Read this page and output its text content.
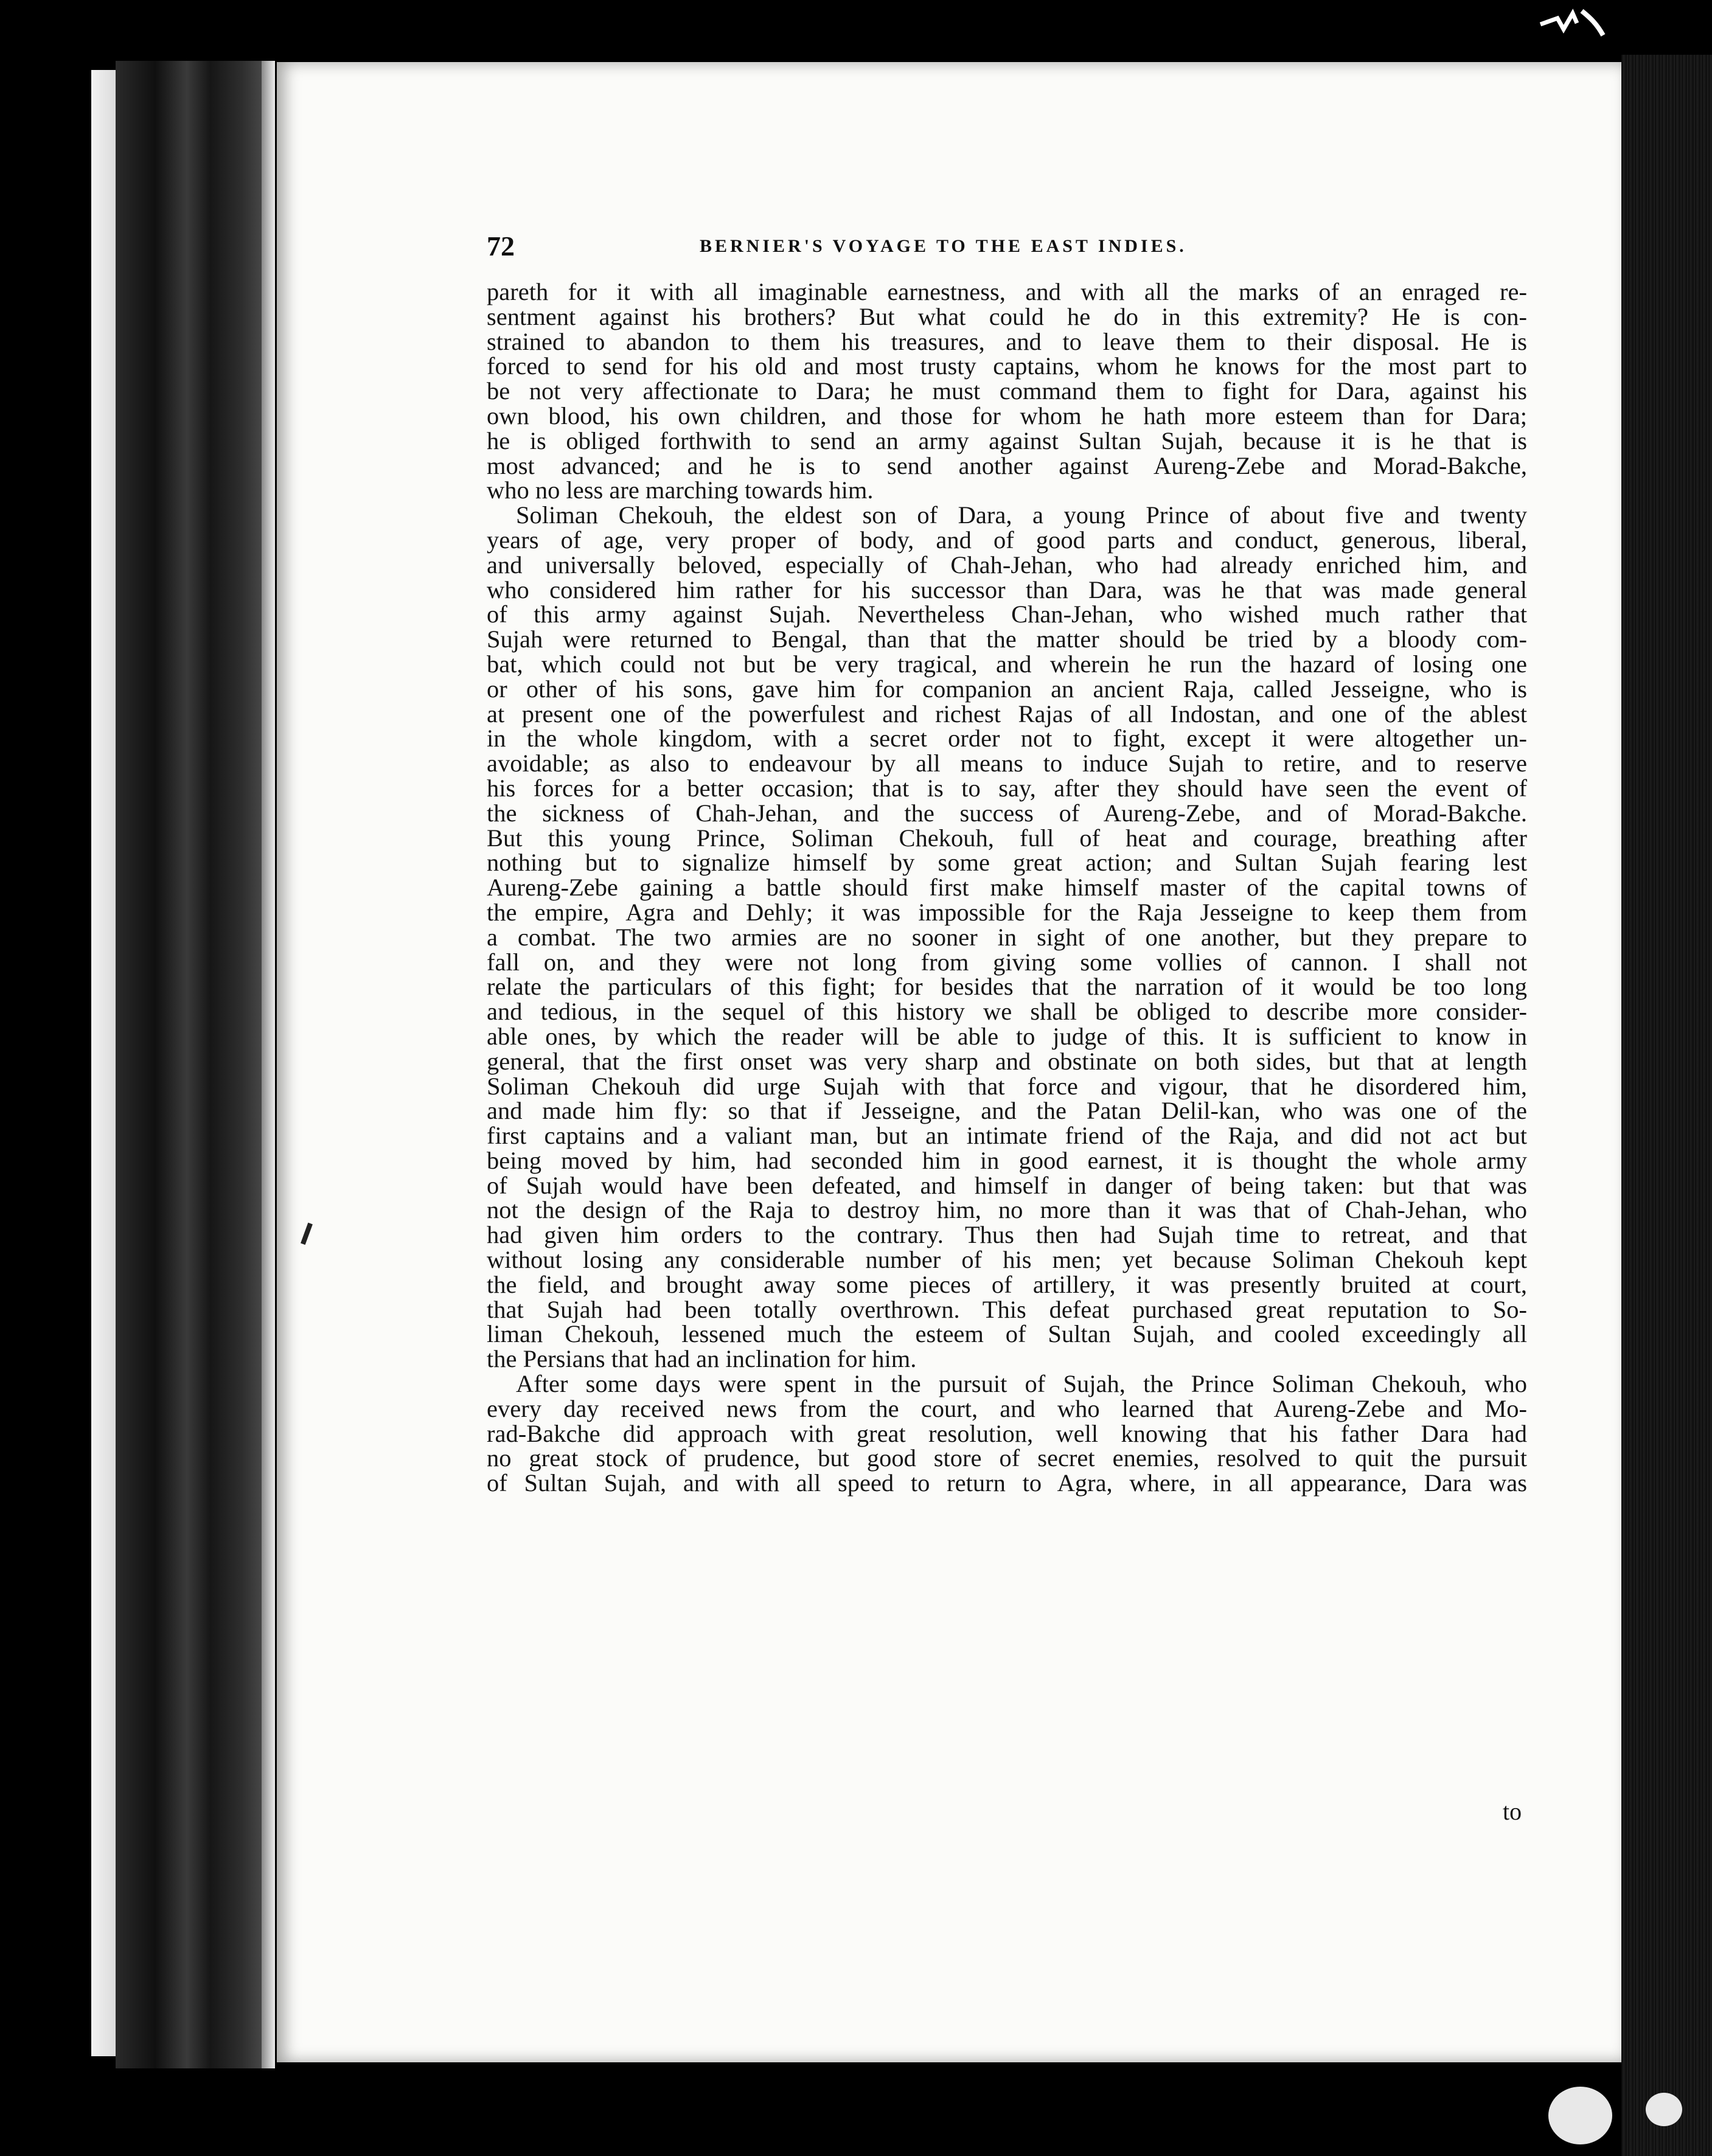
72	BERNIER'S VOYAGE TO THE EAST INDIES.
pareth for it with all imaginable earnestness, and with all the marks of an enraged re-
sentment against his brothers? But what could he do in this extremity? He is con-
strained to abandon to them his treasures, and to leave them to their disposal. He is
forced to send for his old and most trusty captains, whom he knows for the most part to
be not very affectionate to Dara; he must command them to fight for Dara, against his
own blood, his own children, and those for whom he hath more esteem than for Dara;
he is obliged forthwith to send an army against Sultan Sujah, because it is he that is
most advanced; and he is to send another against Aureng-Zebe and Morad-Bakche,
who no less are marching towards him.
Soliman Chekouh, the eldest son of Dara, a young Prince of about five and twenty
years of age, very proper of body, and of good parts and conduct, generous, liberal,
and universally beloved, especially of Chah-Jehan, who had already enriched him, and
who considered him rather for his successor than Dara, was he that was made general
of this army against Sujah. Nevertheless Chan-Jehan, who wished much rather that
Sujah were returned to Bengal, than that the matter should be tried by a bloody com-
bat, which could not but be very tragical, and wherein he run the hazard of losing one
or other of his sons, gave him for companion an ancient Raja, called Jesseigne, who is
at present one of the powerfulest and richest Rajas of all Indostan, and one of the ablest
in the whole kingdom, with a secret order not to fight, except it were altogether un-
avoidable; as also to endeavour by all means to induce Sujah to retire, and to reserve
his forces for a better occasion; that is to say, after they should have seen the event of
the sickness of Chah-Jehan, and the success of Aureng-Zebe, and of Morad-Bakche.
But this young Prince, Soliman Chekouh, full of heat and courage, breathing after
nothing but to signalize himself by some great action; and Sultan Sujah fearing lest
Aureng-Zebe gaining a battle should first make himself master of the capital towns of
the empire, Agra and Dehly; it was impossible for the Raja Jesseigne to keep them from
a combat. The two armies are no sooner in sight of one another, but they prepare to
fall on, and they were not long from giving some vollies of cannon. I shall not
relate the particulars of this fight; for besides that the narration of it would be too long
and tedious, in the sequel of this history we shall be obliged to describe more consider-
able ones, by which the reader will be able to judge of this. It is sufficient to know in
general, that the first onset was very sharp and obstinate on both sides, but that at length
Soliman Chekouh did urge Sujah with that force and vigour, that he disordered him,
and made him fly: so that if Jesseigne, and the Patan Delil-kan, who was one of the
first captains and a valiant man, but an intimate friend of the Raja, and did not act but
being moved by him, had seconded him in good earnest, it is thought the whole army
of Sujah would have been defeated, and himself in danger of being taken: but that was
not the design of the Raja to destroy him, no more than it was that of Chah-Jehan, who
had given him orders to the contrary. Thus then had Sujah time to retreat, and that
without losing any considerable number of his men; yet because Soliman Chekouh kept
the field, and brought away some pieces of artillery, it was presently bruited at court,
that Sujah had been totally overthrown. This defeat purchased great reputation to So-
liman Chekouh, lessened much the esteem of Sultan Sujah, and cooled exceedingly all
the Persians that had an inclination for him.
After some days were spent in the pursuit of Sujah, the Prince Soliman Chekouh, who
every day received news from the court, and who learned that Aureng-Zebe and Mo-
rad-Bakche did approach with great resolution, well knowing that his father Dara had
no great stock of prudence, but good store of secret enemies, resolved to quit the pursuit
of Sultan Sujah, and with all speed to return to Agra, where, in all appearance, Dara was
to
